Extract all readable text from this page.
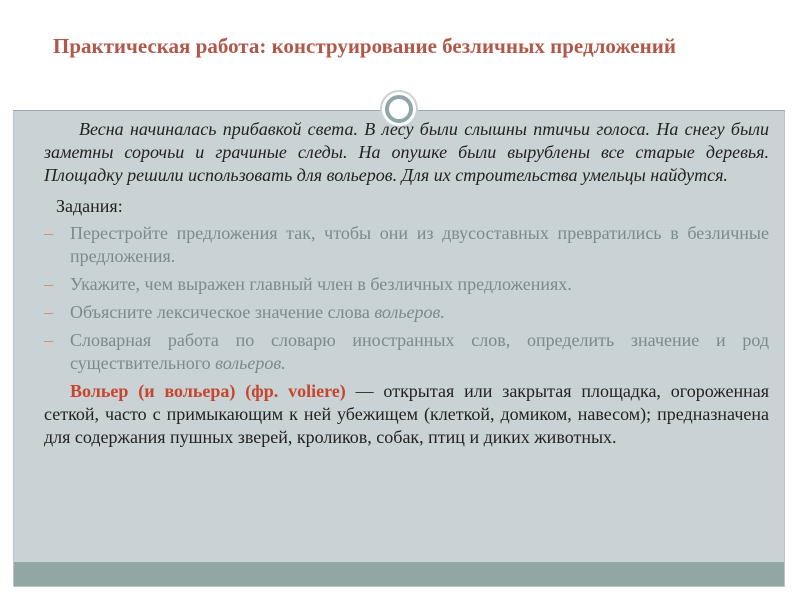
Практическая работа: конструирование безличных предложений

Весна начиналась прибавкой света. В лесу были слышны птичьи голоса. На снегу были заметны сорочьи и грачиные следы. На опушке были вырублены все старые деревья. Площадку решили использовать для вольеров. Для их строительства умельцы найдутся.

Задания:
– Перестройте предложения так, чтобы они из двусоставных превратились в безличные предложения.
– Укажите, чем выражен главный член в безличных предложениях.
– Объясните лексическое значение слова вольеров.
– Словарная работа по словарю иностранных слов, определить значение и род существительного вольеров.

Вольер (и вольера) (фр. voliere) — открытая или закрытая площадка, огороженная сеткой, часто с примыкающим к ней убежищем (клеткой, домиком, навесом); предназначена для содержания пушных зверей, кроликов, собак, птиц и диких животных.
